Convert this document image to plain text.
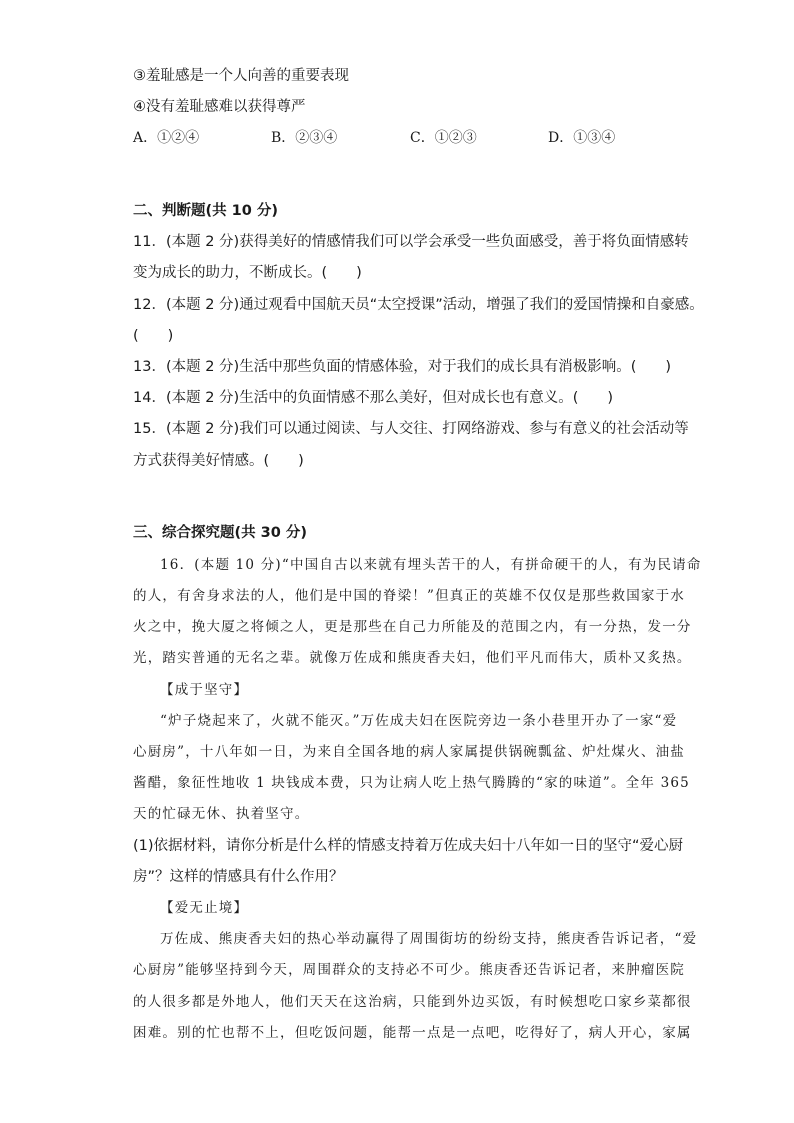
③羞耻感是一个人向善的重要表现
④没有羞耻感难以获得尊严
A．①②④	B．②③④	C．①②③	D．①③④
二、判断题(共 10 分)
11．(本题 2 分)获得美好的情感情我们可以学会承受一些负面感受，善于将负面情感转
变为成长的助力，不断成长。(　　)
12．(本题 2 分)通过观看中国航天员“太空授课”活动，增强了我们的爱国情操和自豪感。
(　　)
13．(本题 2 分)生活中那些负面的情感体验，对于我们的成长具有消极影响。(　　)
14．(本题 2 分)生活中的负面情感不那么美好，但对成长也有意义。(　　)
15．(本题 2 分)我们可以通过阅读、与人交往、打网络游戏、参与有意义的社会活动等
方式获得美好情感。(　　)
三、综合探究题(共 30 分)
16．(本题 10 分)“中国自古以来就有埋头苦干的人，有拼命硬干的人，有为民请命
的人，有舍身求法的人，他们是中国的脊梁！”但真正的英雄不仅仅是那些救国家于水
火之中，挽大厦之将倾之人，更是那些在自己力所能及的范围之内，有一分热，发一分
光，踏实普通的无名之辈。就像万佐成和熊庚香夫妇，他们平凡而伟大，质朴又炙热。
【成于坚守】
“炉子烧起来了，火就不能灭。”万佐成夫妇在医院旁边一条小巷里开办了一家“爱
心厨房”，十八年如一日，为来自全国各地的病人家属提供锅碗瓢盆、炉灶煤火、油盐
酱醋，象征性地收 1 块钱成本费，只为让病人吃上热气腾腾的“家的味道”。全年 365
天的忙碌无休、执着坚守。
(1)依据材料，请你分析是什么样的情感支持着万佐成夫妇十八年如一日的坚守“爱心厨
房”？这样的情感具有什么作用？
【爱无止境】
万佐成、熊庚香夫妇的热心举动赢得了周围街坊的纷纷支持，熊庚香告诉记者，“爱
心厨房”能够坚持到今天，周围群众的支持必不可少。熊庚香还告诉记者，来肿瘤医院
的人很多都是外地人，他们天天在这治病，只能到外边买饭，有时候想吃口家乡菜都很
困难。别的忙也帮不上，但吃饭问题，能帮一点是一点吧，吃得好了，病人开心，家属
